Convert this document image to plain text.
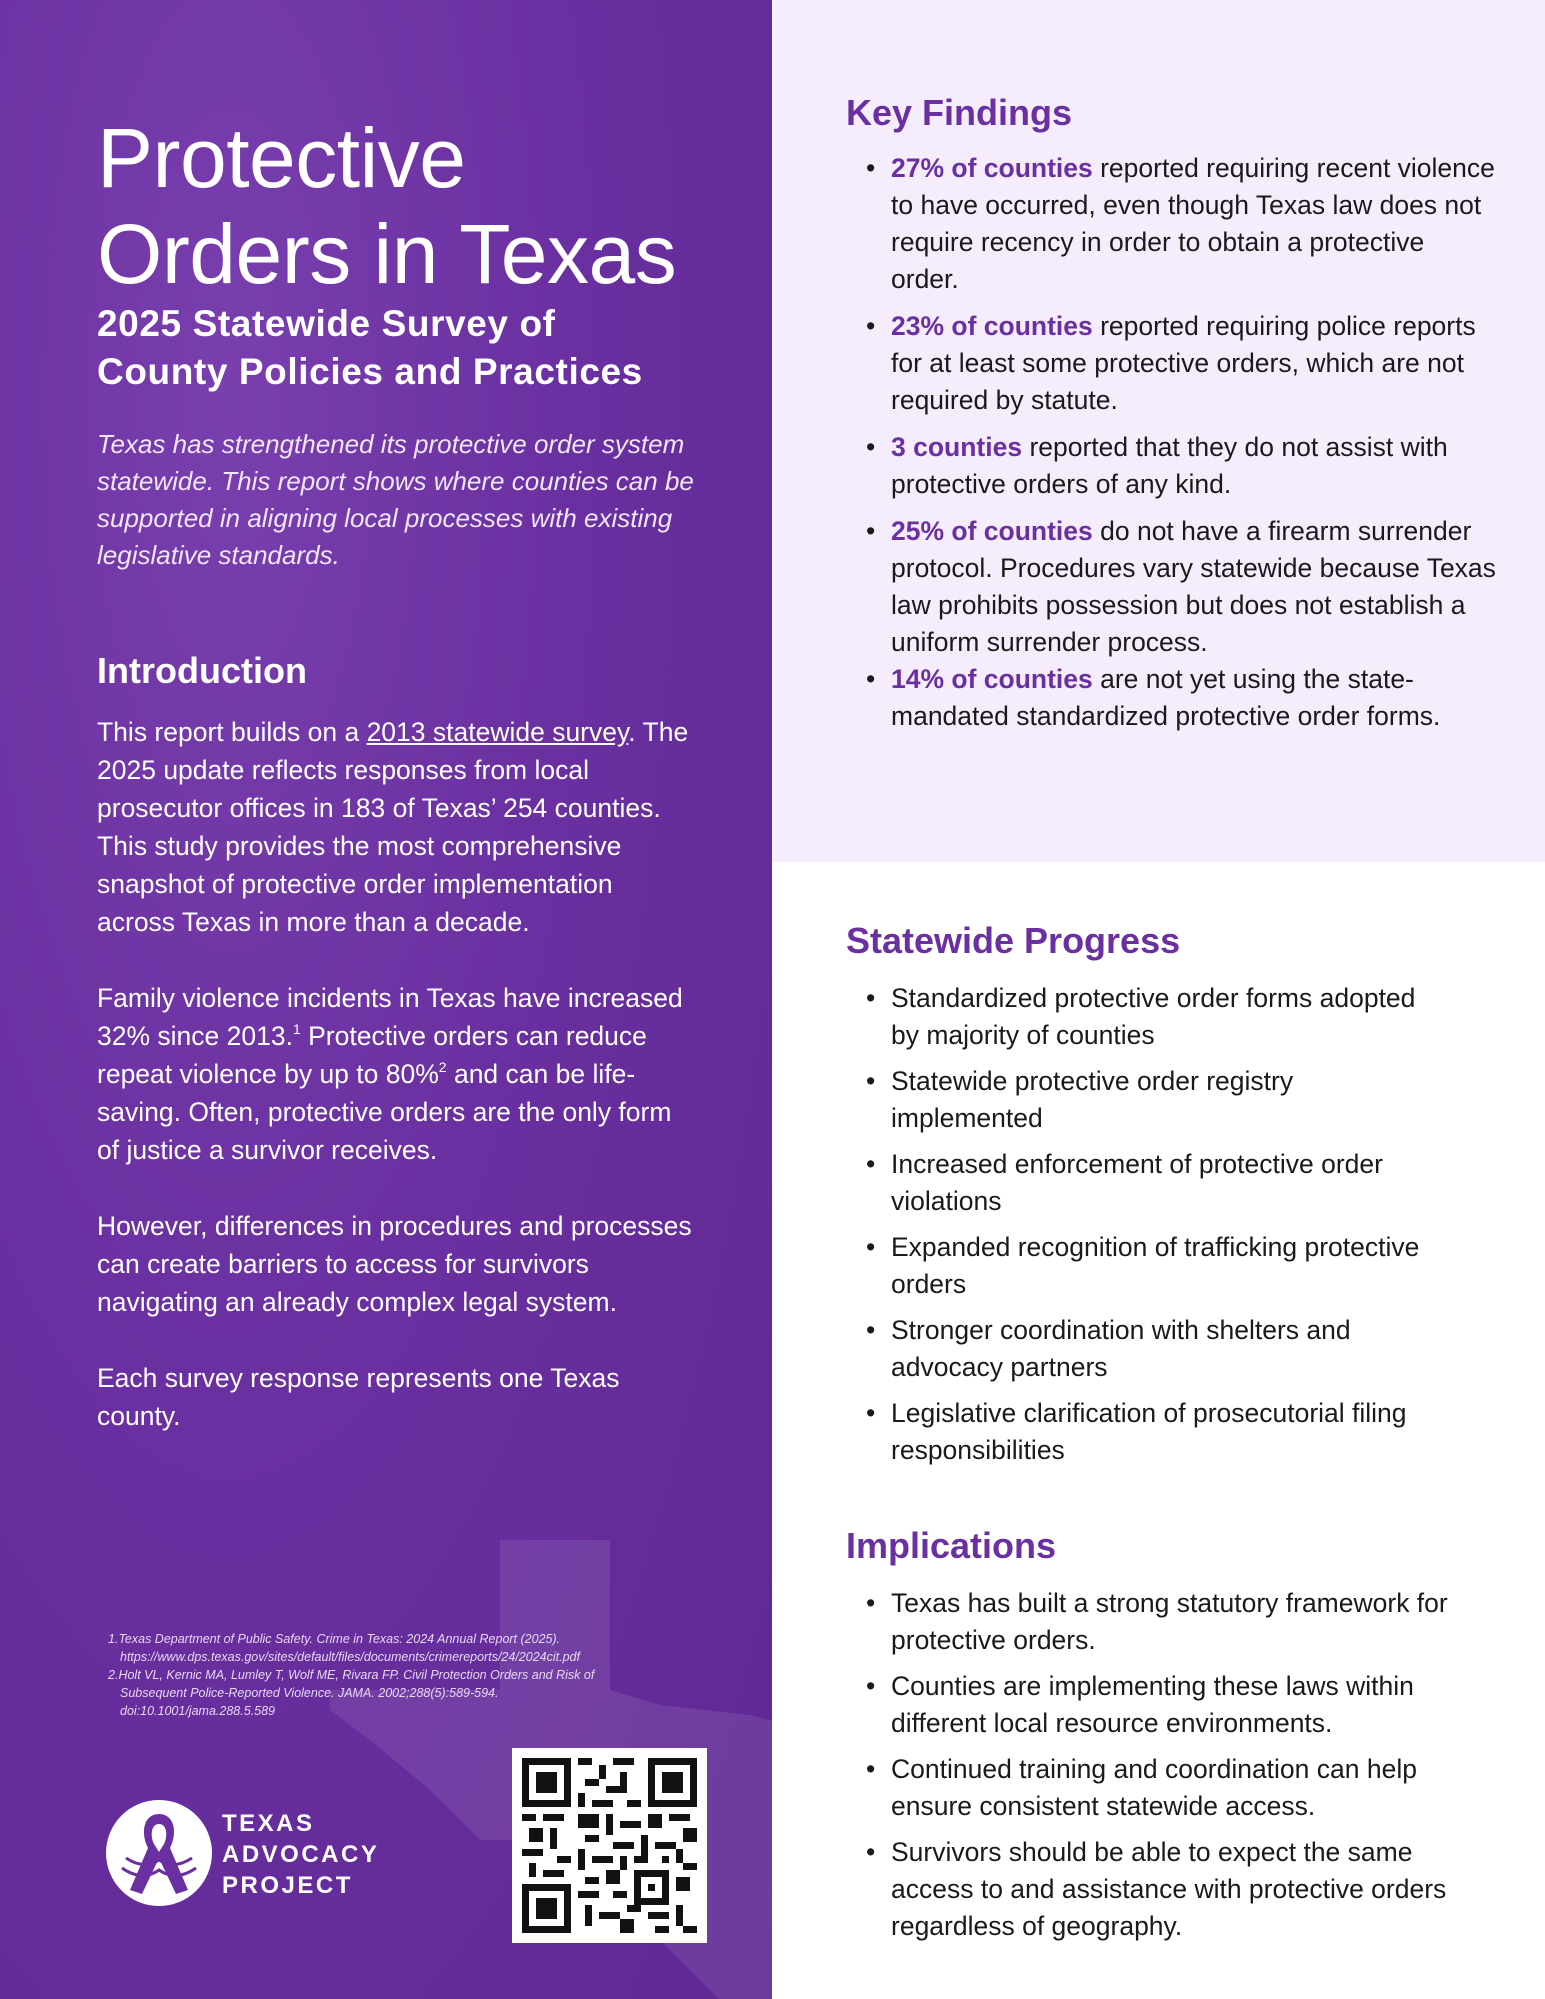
Protective
Orders in Texas
2025 Statewide Survey of
County Policies and Practices

Texas has strengthened its protective order system statewide. This report shows where counties can be supported in aligning local processes with existing legislative standards.

Introduction

This report builds on a 2013 statewide survey. The 2025 update reflects responses from local prosecutor offices in 183 of Texas’ 254 counties. This study provides the most comprehensive snapshot of protective order implementation across Texas in more than a decade.

Family violence incidents in Texas have increased 32% since 2013.$^1$ Protective orders can reduce repeat violence by up to 80%$^2$ and can be life-saving. Often, protective orders are the only form of justice a survivor receives.

However, differences in procedures and processes can create barriers to access for survivors navigating an already complex legal system.

Each survey response represents one Texas county.

1.Texas Department of Public Safety. Crime in Texas: 2024 Annual Report (2025).
https://www.dps.texas.gov/sites/default/files/documents/crimereports/24/2024cit.pdf
2.Holt VL, Kernic MA, Lumley T, Wolf ME, Rivara FP. Civil Protection Orders and Risk of
Subsequent Police-Reported Violence. JAMA. 2002;288(5):589-594.
doi:10.1001/jama.288.5.589
TEXAS
ADVOCACY
PROJECT
Key Findings
• 27% of counties reported requiring recent violence to have occurred, even though Texas law does not require recency in order to obtain a protective order.
• 23% of counties reported requiring police reports for at least some protective orders, which are not required by statute.
• 3 counties reported that they do not assist with protective orders of any kind.
• 25% of counties do not have a firearm surrender protocol. Procedures vary statewide because Texas law prohibits possession but does not establish a uniform surrender process.
• 14% of counties are not yet using the state-mandated standardized protective order forms.
Statewide Progress
• Standardized protective order forms adopted by majority of counties
• Statewide protective order registry implemented
• Increased enforcement of protective order violations
• Expanded recognition of trafficking protective orders
• Stronger coordination with shelters and advocacy partners
• Legislative clarification of prosecutorial filing responsibilities
Implications
• Texas has built a strong statutory framework for protective orders.
• Counties are implementing these laws within different local resource environments.
• Continued training and coordination can help ensure consistent statewide access.
• Survivors should be able to expect the same access to and assistance with protective orders regardless of geography.
